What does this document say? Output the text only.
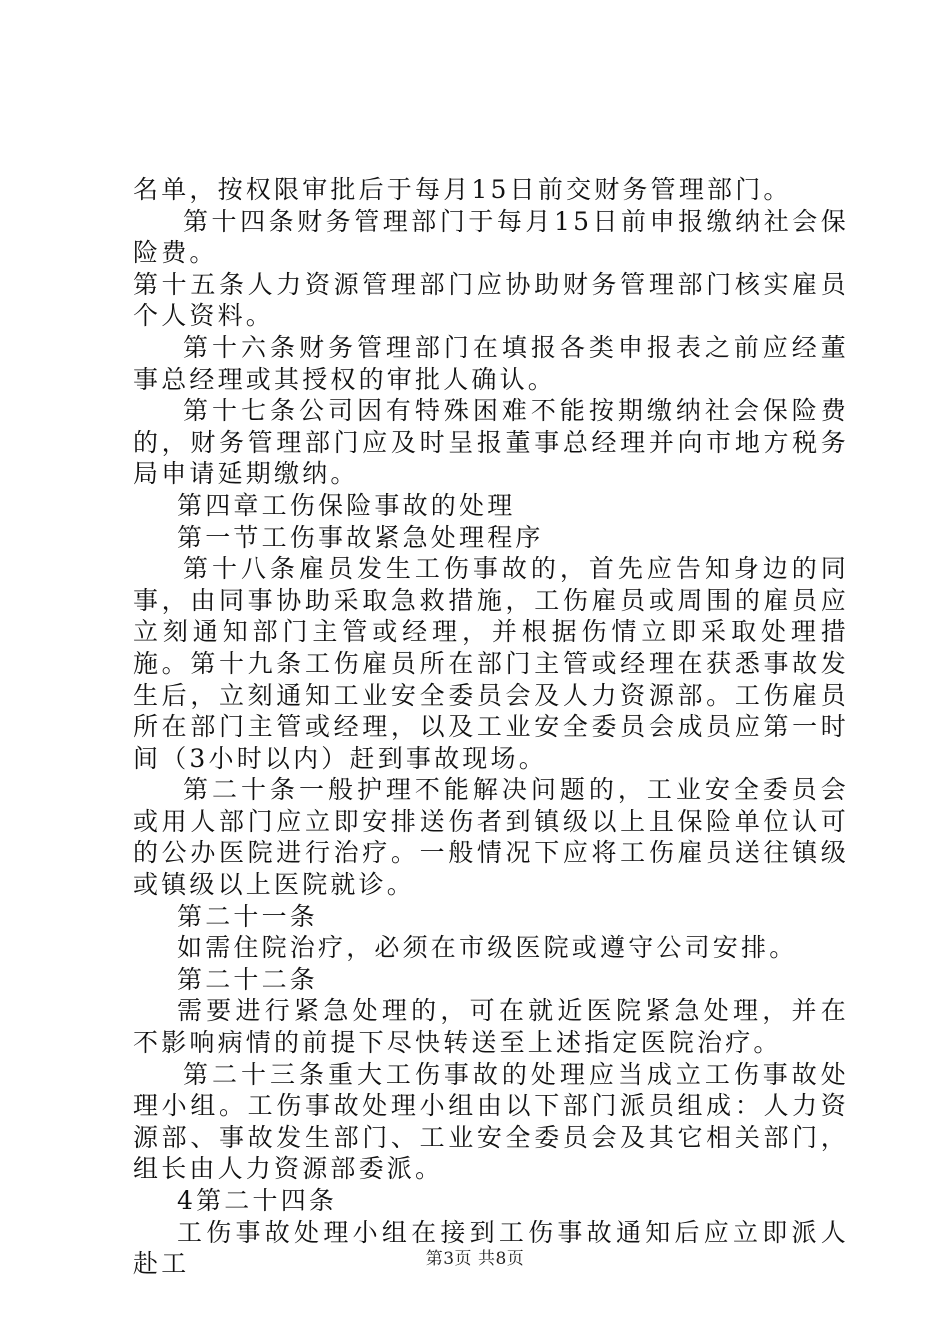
名单，按权限审批后于每月15日前交财务管理部门。

第十四条财务管理部门于每月15日前申报缴纳社会保险费。

第十五条人力资源管理部门应协助财务管理部门核实雇员个人资料。

第十六条财务管理部门在填报各类申报表之前应经董事总经理或其授权的审批人确认。

第十七条公司因有特殊困难不能按期缴纳社会保险费的，财务管理部门应及时呈报董事总经理并向市地方税务局申请延期缴纳。

第四章工伤保险事故的处理

第一节工伤事故紧急处理程序

第十八条雇员发生工伤事故的，首先应告知身边的同事，由同事协助采取急救措施，工伤雇员或周围的雇员应立刻通知部门主管或经理，并根据伤情立即采取处理措施。第十九条工伤雇员所在部门主管或经理在获悉事故发生后，立刻通知工业安全委员会及人力资源部。工伤雇员所在部门主管或经理，以及工业安全委员会成员应第一时间（3小时以内）赶到事故现场。

第二十条一般护理不能解决问题的，工业安全委员会或用人部门应立即安排送伤者到镇级以上且保险单位认可的公办医院进行治疗。一般情况下应将工伤雇员送往镇级或镇级以上医院就诊。

第二十一条

如需住院治疗，必须在市级医院或遵守公司安排。

第二十二条

需要进行紧急处理的，可在就近医院紧急处理，并在不影响病情的前提下尽快转送至上述指定医院治疗。

第二十三条重大工伤事故的处理应当成立工伤事故处理小组。工伤事故处理小组由以下部门派员组成：人力资源部、事故发生部门、工业安全委员会及其它相关部门，组长由人力资源部委派。

4第二十四条

工伤事故处理小组在接到工伤事故通知后应立即派人赴工	第3页 共8页
